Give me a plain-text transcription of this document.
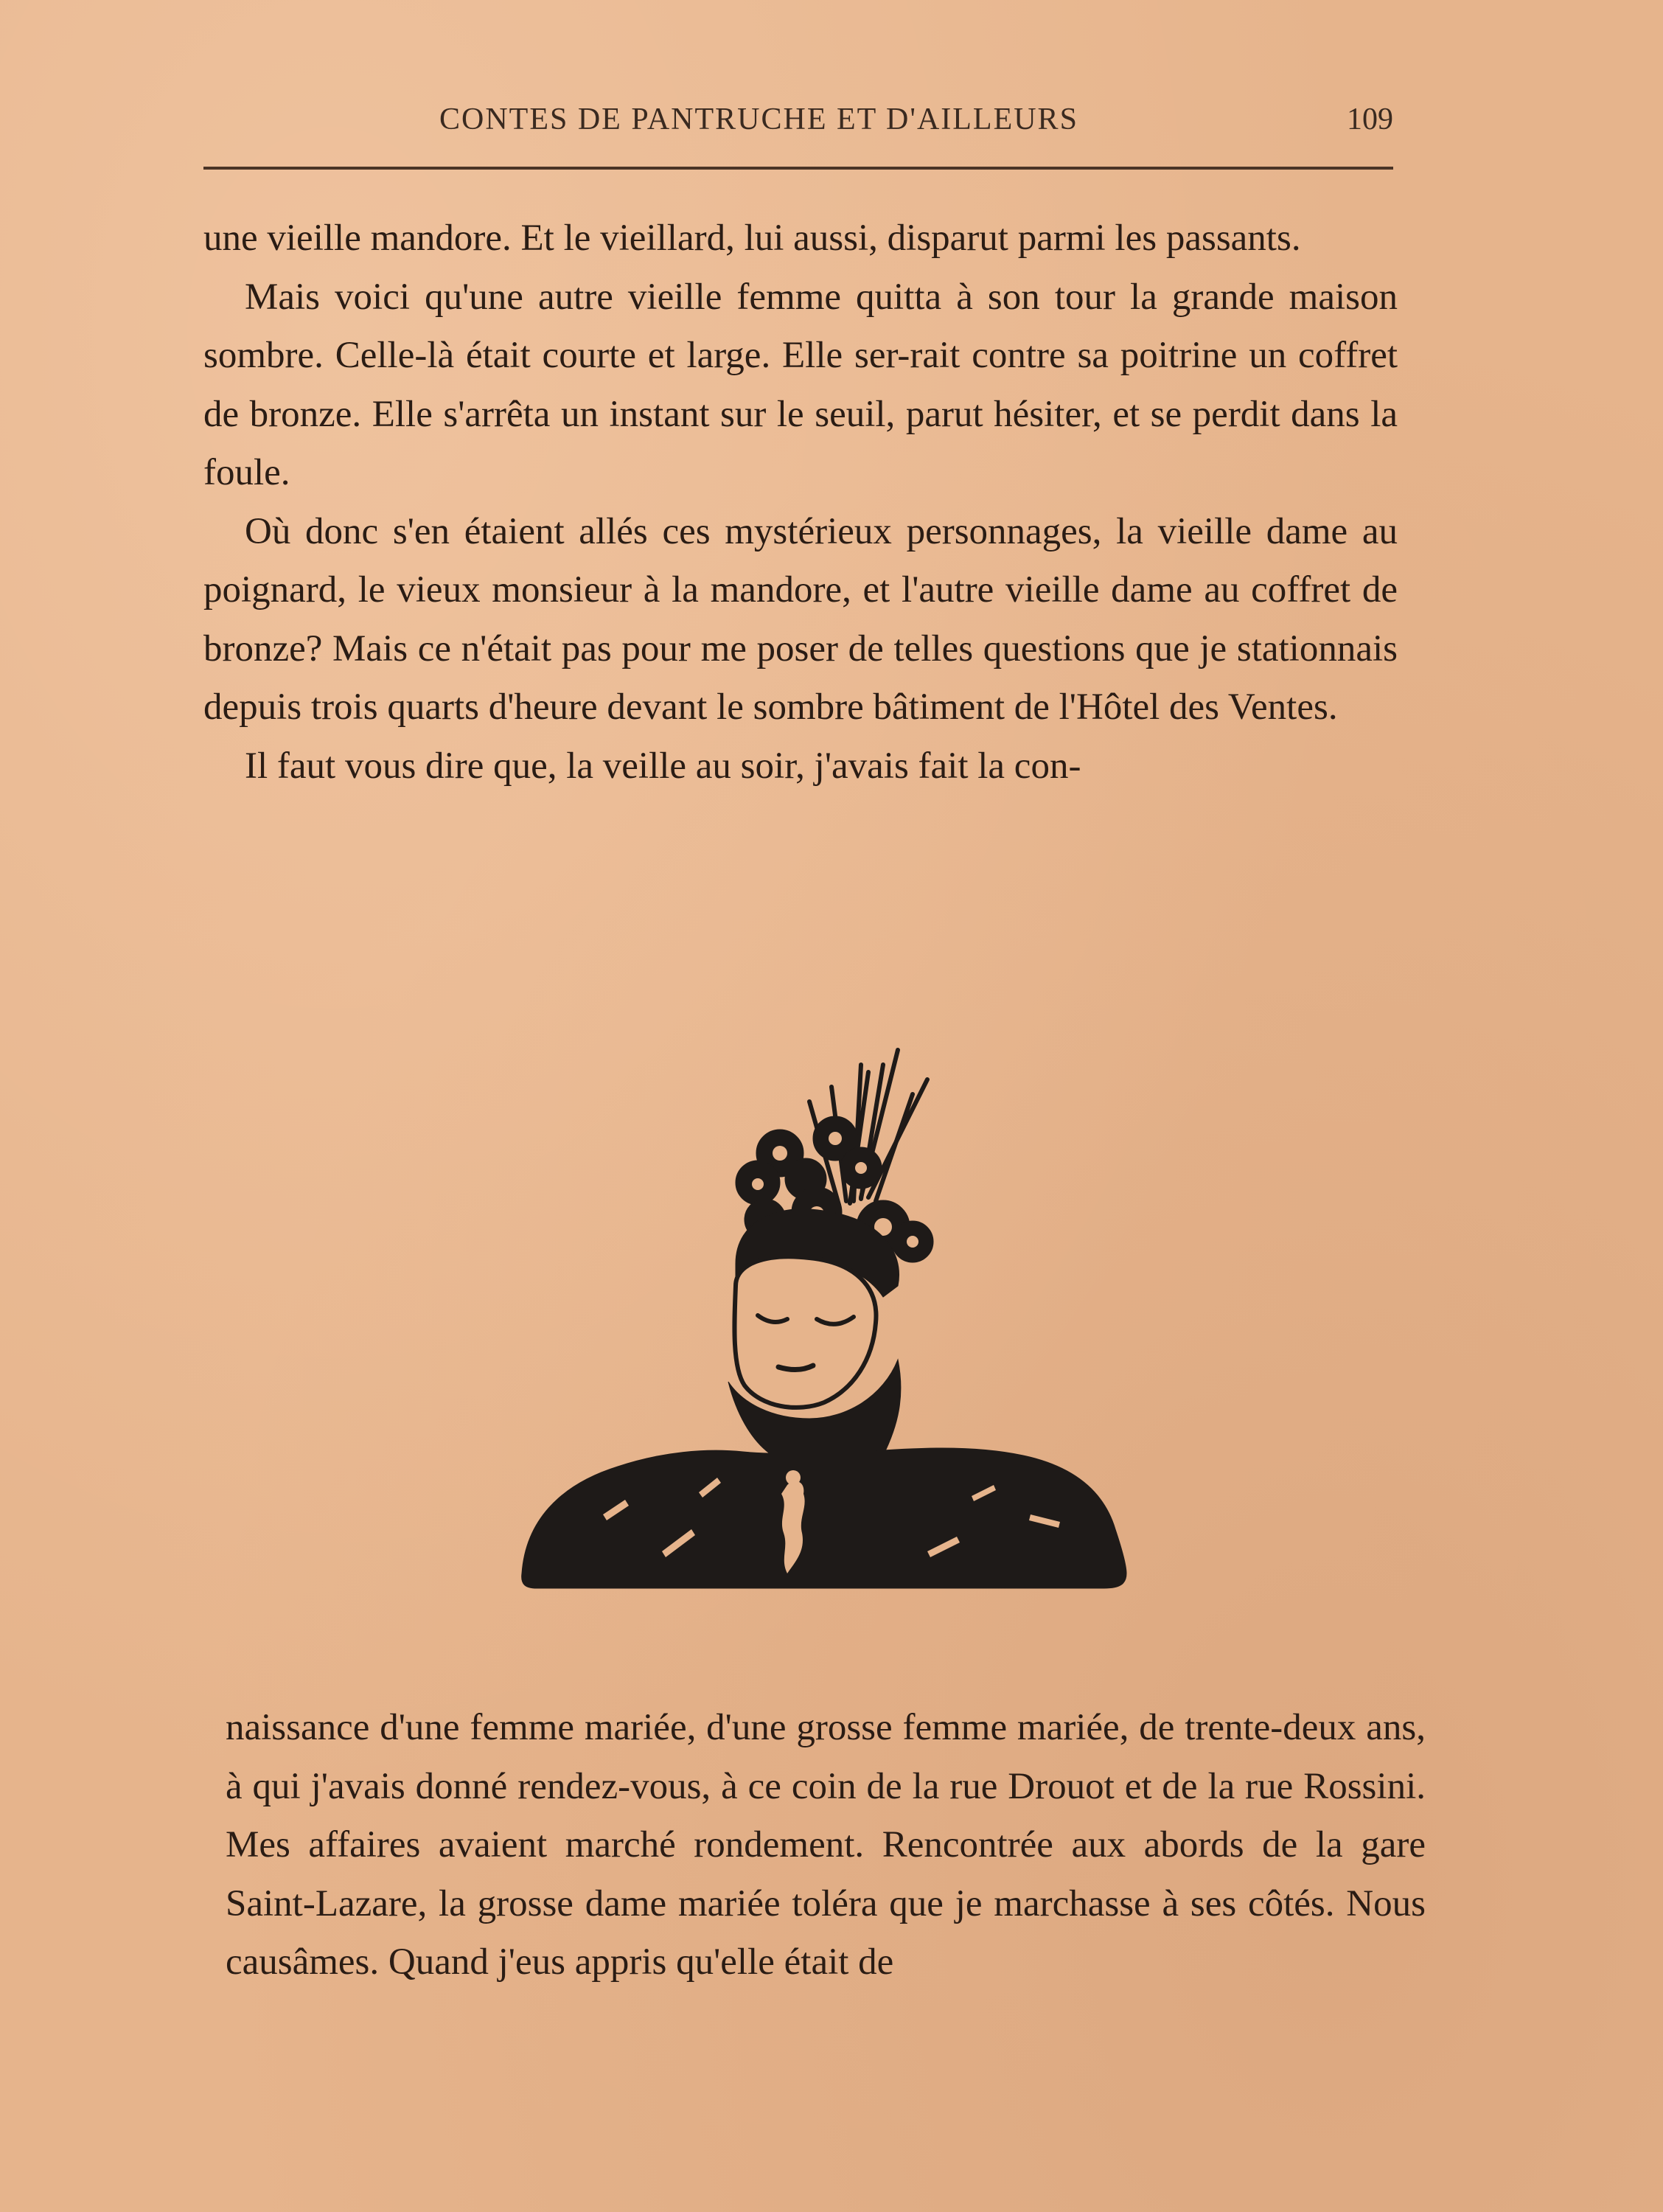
CONTES DE PANTRUCHE ET D'AILLEURS	109

une vieille mandore. Et le vieillard, lui aussi, disparut parmi les passants.

Mais voici qu'une autre vieille femme quitta à son tour la grande maison sombre. Celle-là était courte et large. Elle ser-rait contre sa poitrine un coffret de bronze. Elle s'arrêta un instant sur le seuil, parut hésiter, et se perdit dans la foule.

Où donc s'en étaient allés ces mystérieux personnages, la vieille dame au poignard, le vieux monsieur à la mandore, et l'autre vieille dame au coffret de bronze? Mais ce n'était pas pour me poser de telles questions que je stationnais depuis trois quarts d'heure devant le sombre bâtiment de l'Hôtel des Ventes.

Il faut vous dire que, la veille au soir, j'avais fait la con-

naissance d'une femme mariée, d'une grosse femme mariée, de trente-deux ans, à qui j'avais donné rendez-vous, à ce coin de la rue Drouot et de la rue Rossini. Mes affaires avaient marché rondement. Rencontrée aux abords de la gare Saint-Lazare, la grosse dame mariée toléra que je marchasse à ses côtés. Nous causâmes. Quand j'eus appris qu'elle était de
